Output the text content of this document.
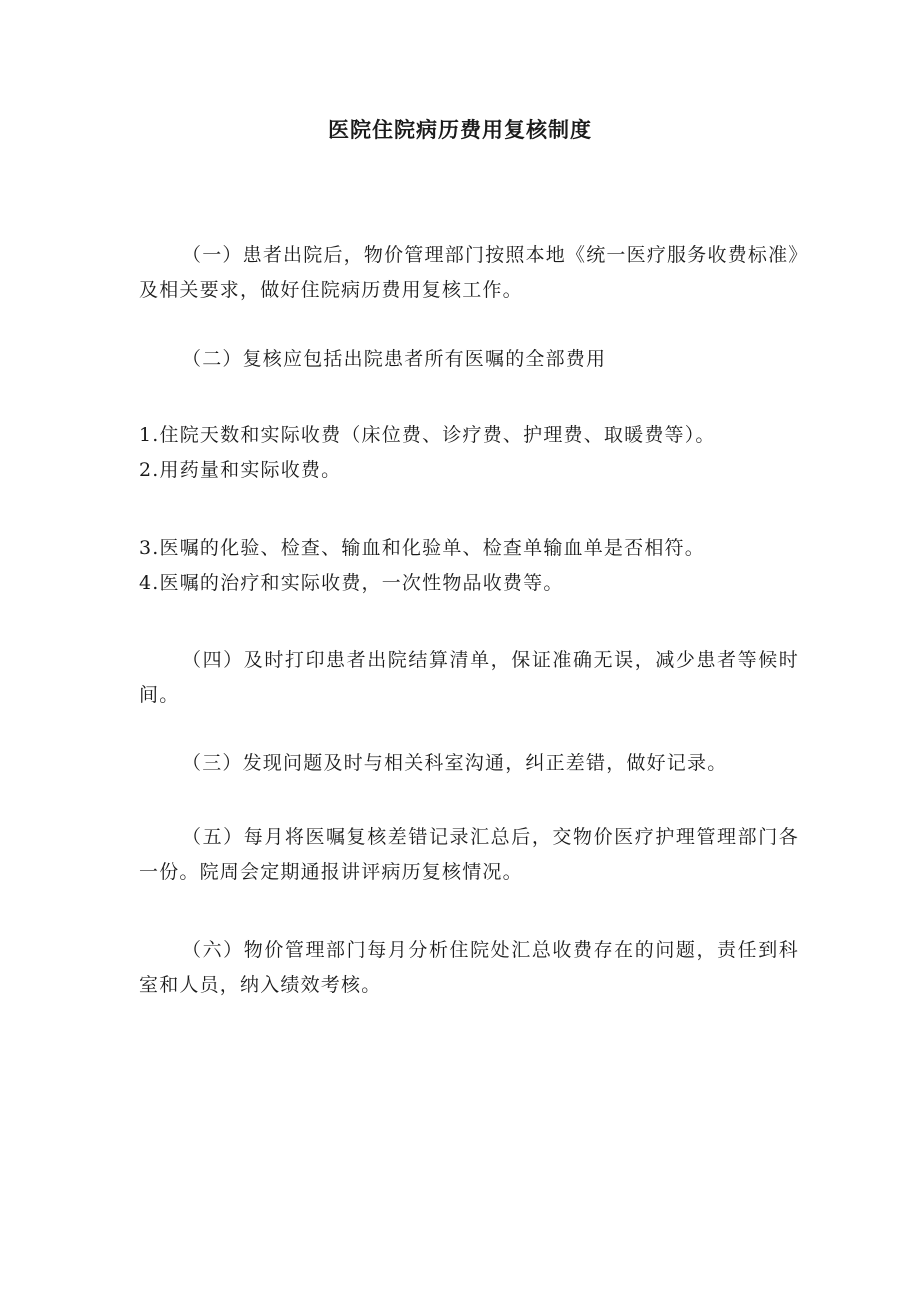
医院住院病历费用复核制度

（一）患者出院后，物价管理部门按照本地《统一医疗服务收费标准》及相关要求，做好住院病历费用复核工作。

（二）复核应包括出院患者所有医嘱的全部费用

1.住院天数和实际收费（床位费、诊疗费、护理费、取暖费等）。

2.用药量和实际收费。

3.医嘱的化验、检查、输血和化验单、检查单输血单是否相符。

4.医嘱的治疗和实际收费，一次性物品收费等。

（四）及时打印患者出院结算清单，保证准确无误，减少患者等候时间。

（三）发现问题及时与相关科室沟通，纠正差错，做好记录。

（五）每月将医嘱复核差错记录汇总后，交物价医疗护理管理部门各一份。院周会定期通报讲评病历复核情况。

（六）物价管理部门每月分析住院处汇总收费存在的问题，责任到科室和人员，纳入绩效考核。
